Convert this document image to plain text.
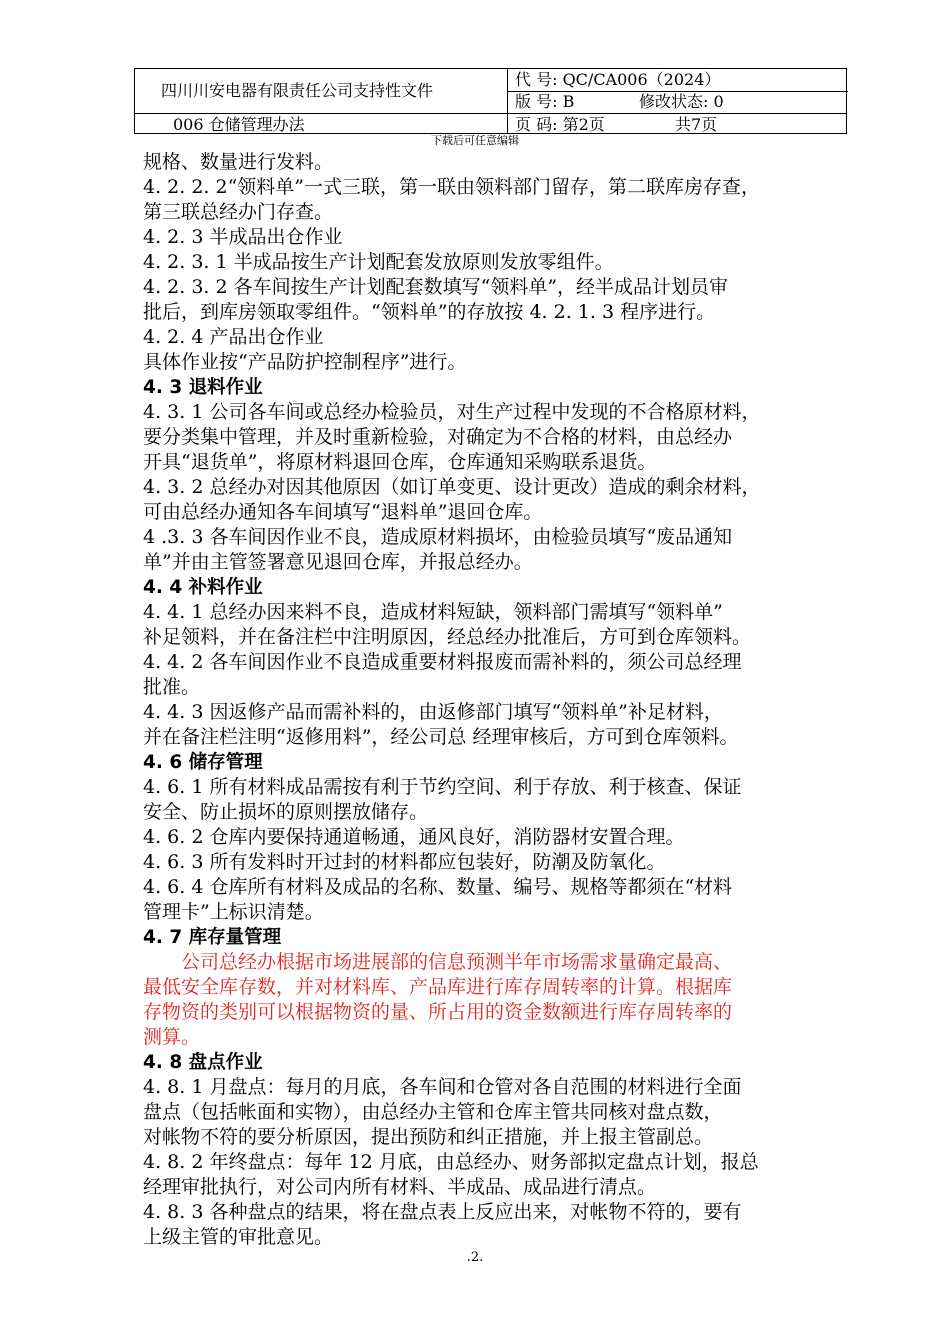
四川川安电器有限责任公司支持性文件
006 仓储管理办法
代 号: QC/CA006（2024）
版 号: B	修改状态: 0
页 码: 第2页	共7页
下载后可任意编辑
规格、数量进行发料。
4. 2. 2. 2“领料单”一式三联，第一联由领料部门留存，第二联库房存查，
第三联总经办门存查。
4. 2. 3 半成品出仓作业
4. 2. 3. 1 半成品按生产计划配套发放原则发放零组件。
4. 2. 3. 2 各车间按生产计划配套数填写“领料单”，经半成品计划员审
批后，到库房领取零组件。“领料单”的存放按 4. 2. 1. 3 程序进行。
4. 2. 4 产品出仓作业
具体作业按“产品防护控制程序”进行。
4. 3 退料作业
4. 3. 1 公司各车间或总经办检验员，对生产过程中发现的不合格原材料，
要分类集中管理，并及时重新检验，对确定为不合格的材料，由总经办
开具“退货单”，将原材料退回仓库，仓库通知采购联系退货。
4. 3. 2 总经办对因其他原因（如订单变更、设计更改）造成的剩余材料，
可由总经办通知各车间填写“退料单”退回仓库。
4 .3. 3 各车间因作业不良，造成原材料损坏，由检验员填写“废品通知
单”并由主管签署意见退回仓库，并报总经办。
4. 4 补料作业
4. 4. 1 总经办因来料不良，造成材料短缺，领料部门需填写“领料单”
补足领料，并在备注栏中注明原因，经总经办批准后，方可到仓库领料。
4. 4. 2 各车间因作业不良造成重要材料报废而需补料的，须公司总经理
批准。
4. 4. 3 因返修产品而需补料的，由返修部门填写“领料单”补足材料，
并在备注栏注明“返修用料”，经公司总 经理审核后，方可到仓库领料。
4. 6 储存管理
4. 6. 1 所有材料成品需按有利于节约空间、利于存放、利于核查、保证
安全、防止损坏的原则摆放储存。
4. 6. 2 仓库内要保持通道畅通，通风良好，消防器材安置合理。
4. 6. 3 所有发料时开过封的材料都应包装好，防潮及防氧化。
4. 6. 4 仓库所有材料及成品的名称、数量、编号、规格等都须在“材料
管理卡”上标识清楚。
4. 7 库存量管理
公司总经办根据市场进展部的信息预测半年市场需求量确定最高、
最低安全库存数，并对材料库、产品库进行库存周转率的计算。根据库
存物资的类别可以根据物资的量、所占用的资金数额进行库存周转率的
测算。
4. 8 盘点作业
4. 8. 1 月盘点：每月的月底，各车间和仓管对各自范围的材料进行全面
盘点（包括帐面和实物），由总经办主管和仓库主管共同核对盘点数，
对帐物不符的要分析原因，提出预防和纠正措施，并上报主管副总。
4. 8. 2 年终盘点：每年 12 月底，由总经办、财务部拟定盘点计划，报总
经理审批执行，对公司内所有材料、半成品、成品进行清点。
4. 8. 3 各种盘点的结果，将在盘点表上反应出来，对帐物不符的，要有
上级主管的审批意见。
.2.
